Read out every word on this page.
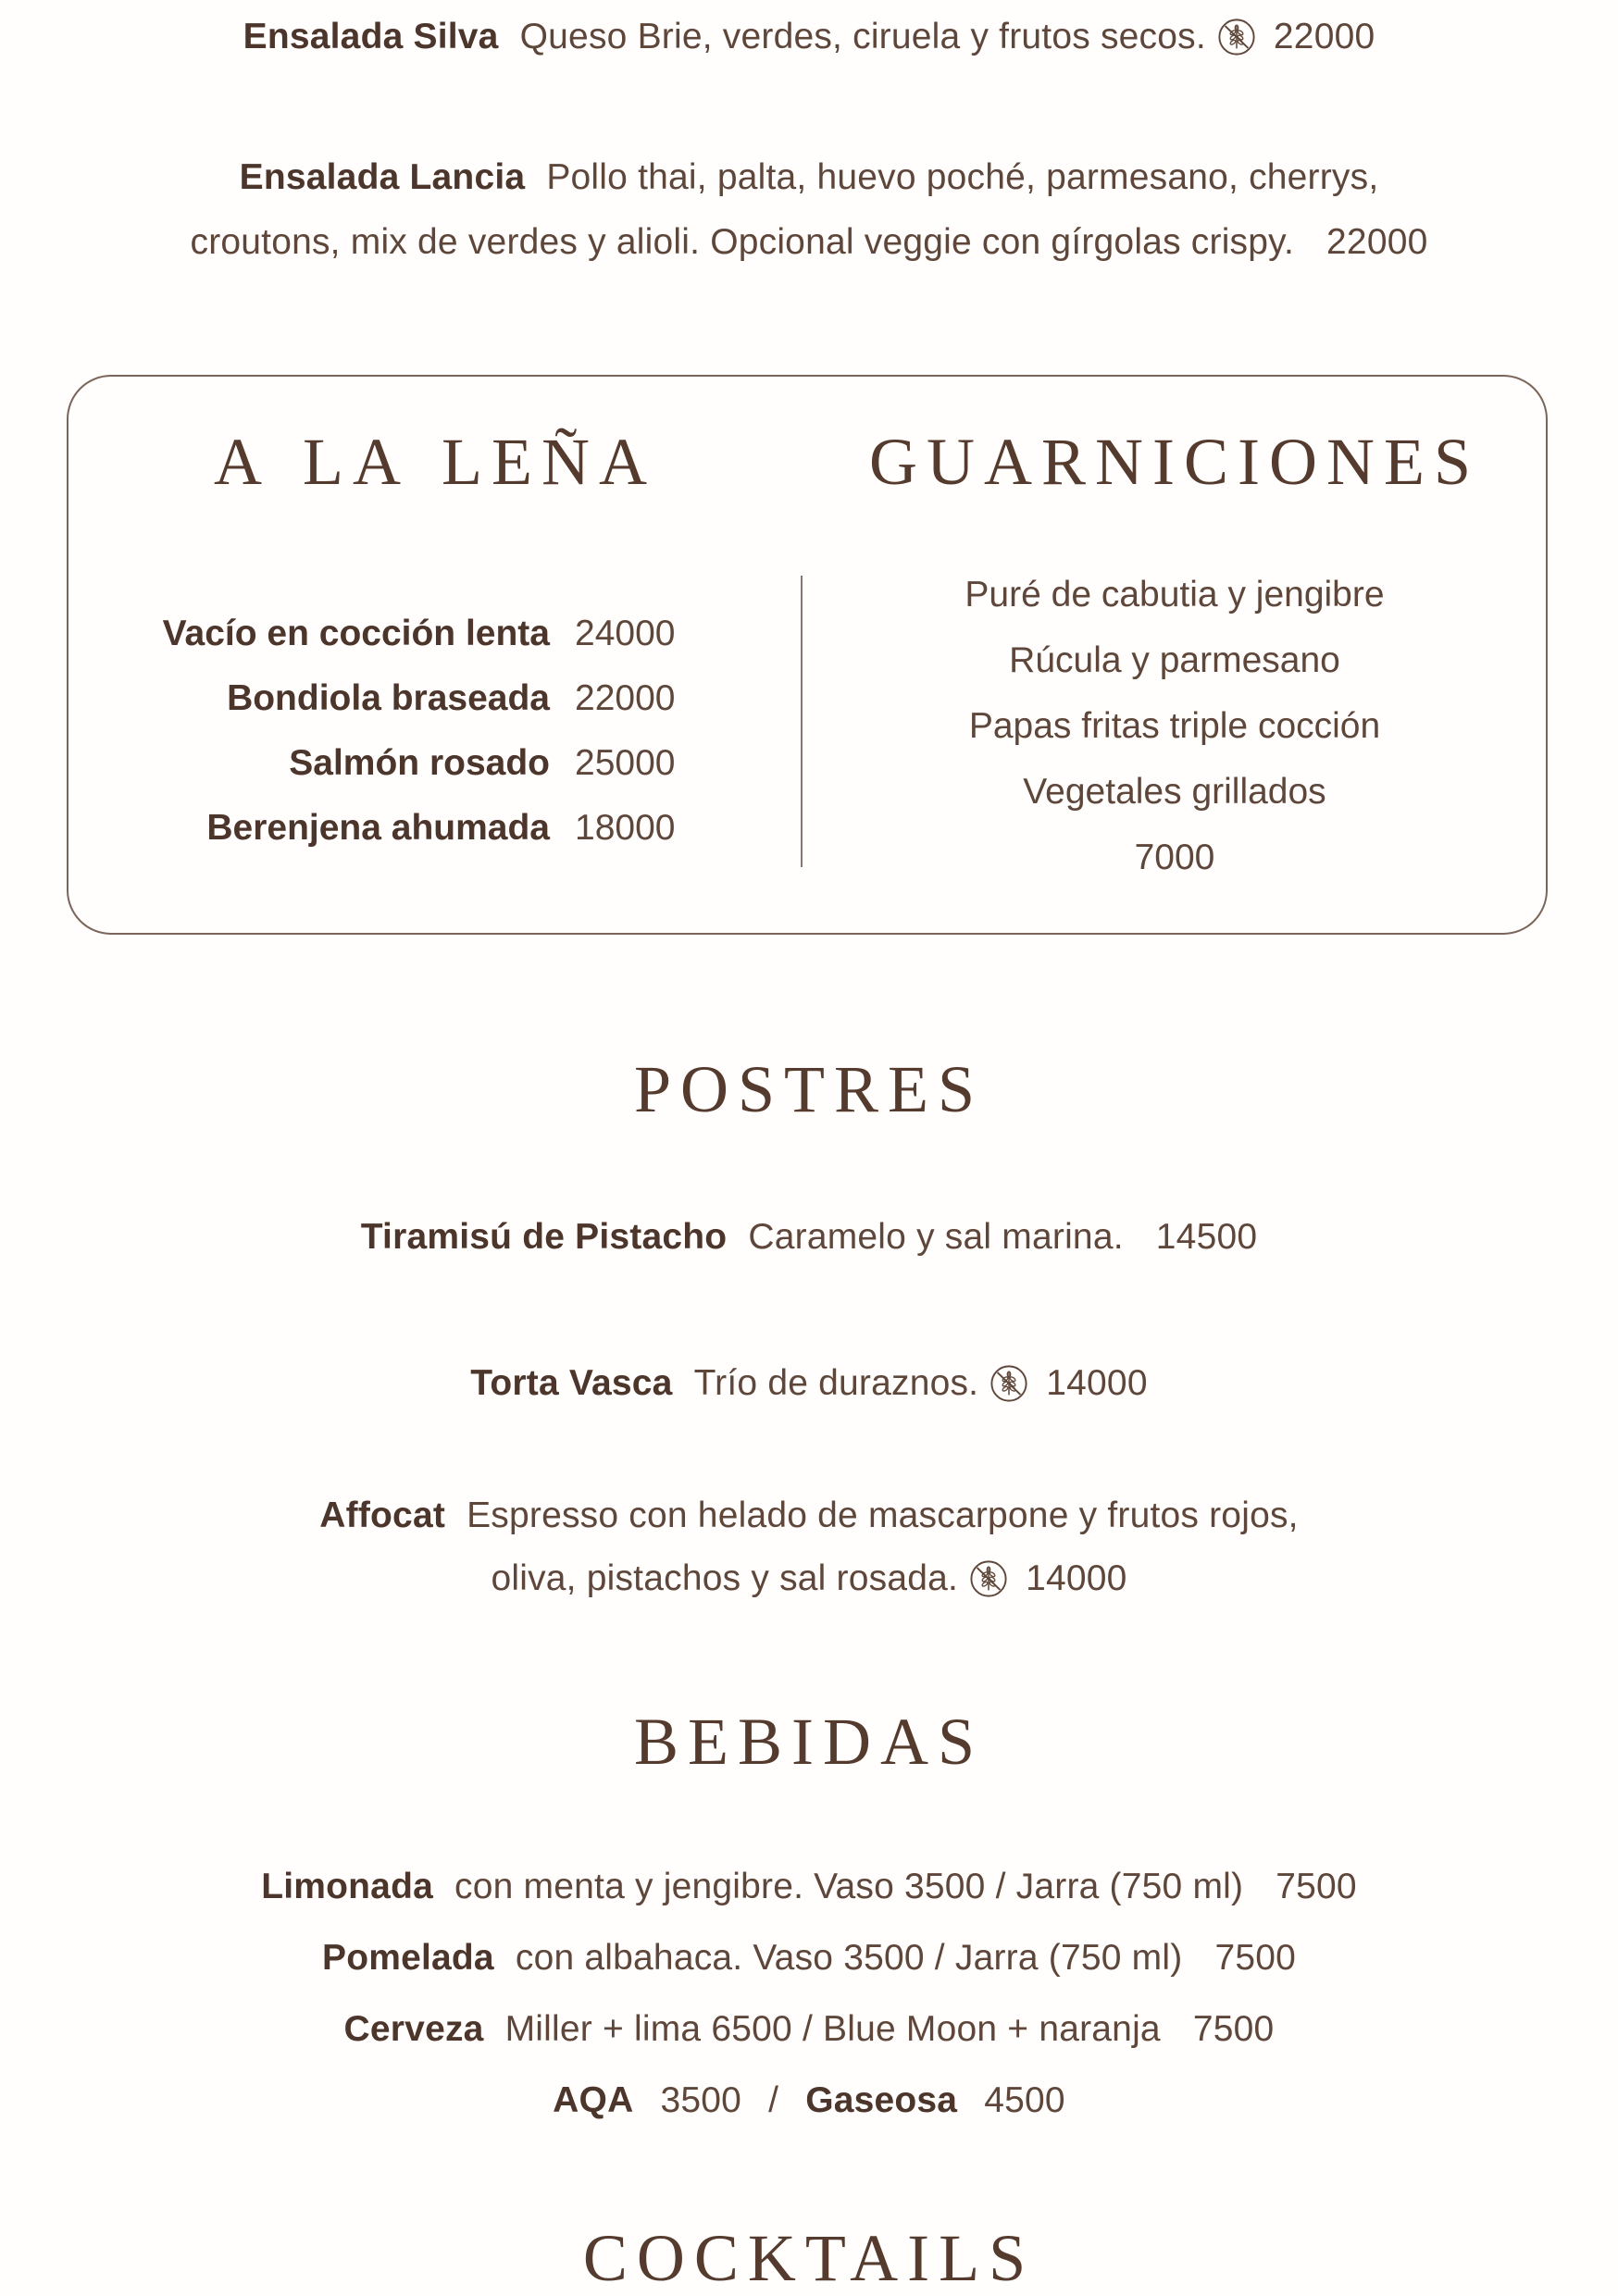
Ensalada Silva Queso Brie, verdes, ciruela y frutos secos. 22000
Ensalada Lancia Pollo thai, palta, huevo poché, parmesano, cherrys,
croutons, mix de verdes y alioli. Opcional veggie con gírgolas crispy. 22000
A LA LEÑA	GUARNICIONES
Vacío en cocción lenta 24000
Bondiola braseada 22000
Salmón rosado 25000
Berenjena ahumada 18000
Puré de cabutia y jengibre
Rúcula y parmesano
Papas fritas triple cocción
Vegetales grillados
7000
POSTRES
Tiramisú de Pistacho Caramelo y sal marina. 14500
Torta Vasca Trío de duraznos. 14000
Affocat Espresso con helado de mascarpone y frutos rojos,
oliva, pistachos y sal rosada. 14000
BEBIDAS
Limonada con menta y jengibre. Vaso 3500 / Jarra (750 ml) 7500
Pomelada con albahaca. Vaso 3500 / Jarra (750 ml) 7500
Cerveza Miller + lima 6500 / Blue Moon + naranja 7500
AQA 3500 / Gaseosa 4500
COCKTAILS
